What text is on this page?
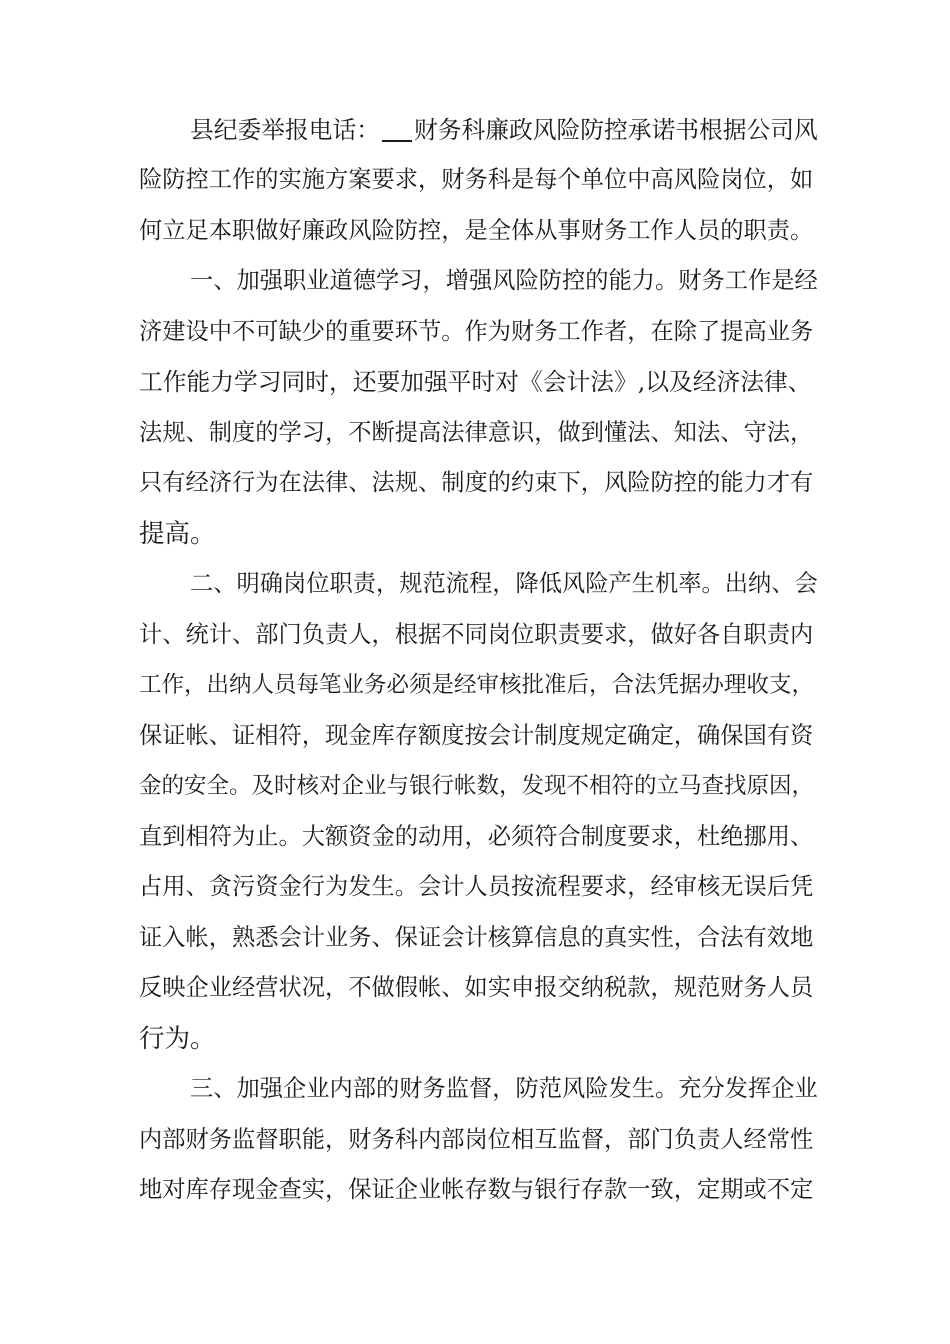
县纪委举报电话： 财务科廉政风险防控承诺书根据公司风
险防控工作的实施方案要求，财务科是每个单位中高风险岗位，如
何立足本职做好廉政风险防控，是全体从事财务工作人员的职责。
一、加强职业道德学习，增强风险防控的能力。财务工作是经
济建设中不可缺少的重要环节。作为财务工作者，在除了提高业务
工作能力学习同时，还要加强平时对《会计法》,以及经济法律、
法规、制度的学习，不断提高法律意识，做到懂法、知法、守法，
只有经济行为在法律、法规、制度的约束下，风险防控的能力才有
提高。
二、明确岗位职责，规范流程，降低风险产生机率。出纳、会
计、统计、部门负责人，根据不同岗位职责要求，做好各自职责内
工作，出纳人员每笔业务必须是经审核批准后，合法凭据办理收支，
保证帐、证相符，现金库存额度按会计制度规定确定，确保国有资
金的安全。及时核对企业与银行帐数，发现不相符的立马查找原因，
直到相符为止。大额资金的动用，必须符合制度要求，杜绝挪用、
占用、贪污资金行为发生。会计人员按流程要求，经审核无误后凭
证入帐，熟悉会计业务、保证会计核算信息的真实性，合法有效地
反映企业经营状况，不做假帐、如实申报交纳税款，规范财务人员
行为。
三、加强企业内部的财务监督，防范风险发生。充分发挥企业
内部财务监督职能，财务科内部岗位相互监督，部门负责人经常性
地对库存现金查实，保证企业帐存数与银行存款一致，定期或不定
